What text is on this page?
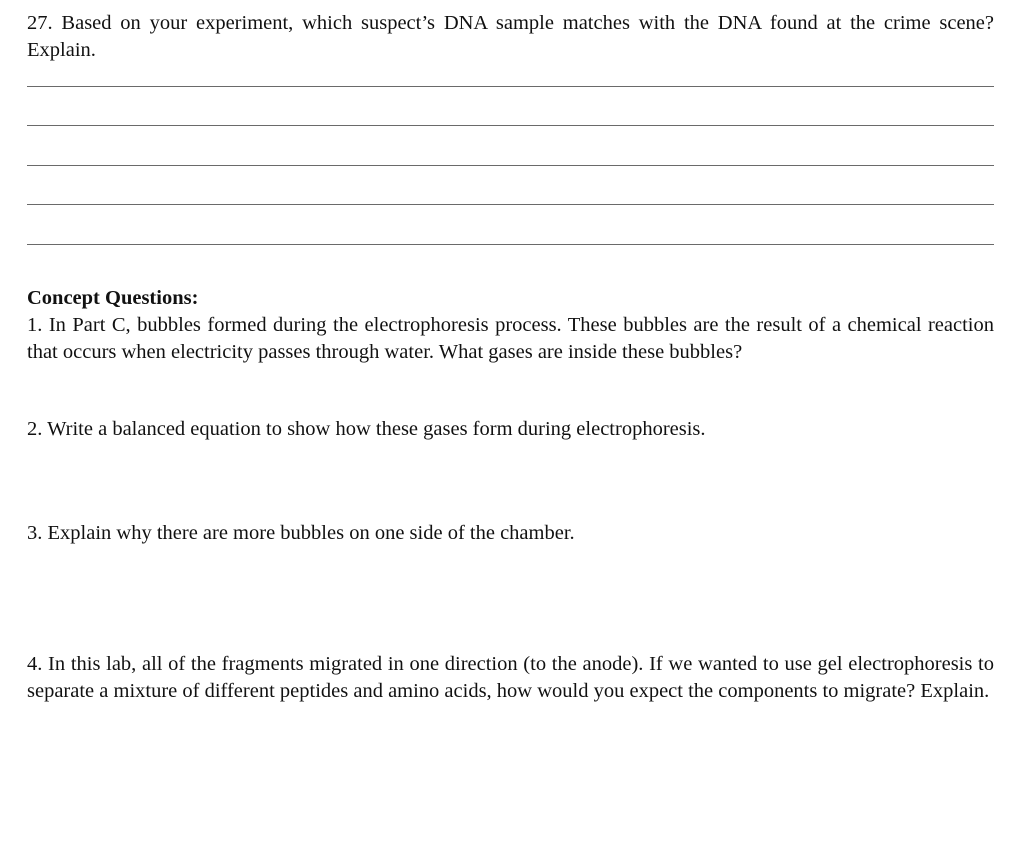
27. Based on your experiment, which suspect’s DNA sample matches with the DNA found at the crime scene? Explain.
Concept Questions:
1. In Part C, bubbles formed during the electrophoresis process. These bubbles are the result of a chemical reaction that occurs when electricity passes through water. What gases are inside these bubbles?
2. Write a balanced equation to show how these gases form during electrophoresis.
3. Explain why there are more bubbles on one side of the chamber.
4. In this lab, all of the fragments migrated in one direction (to the anode). If we wanted to use gel electrophoresis to separate a mixture of different peptides and amino acids, how would you expect the components to migrate? Explain.
